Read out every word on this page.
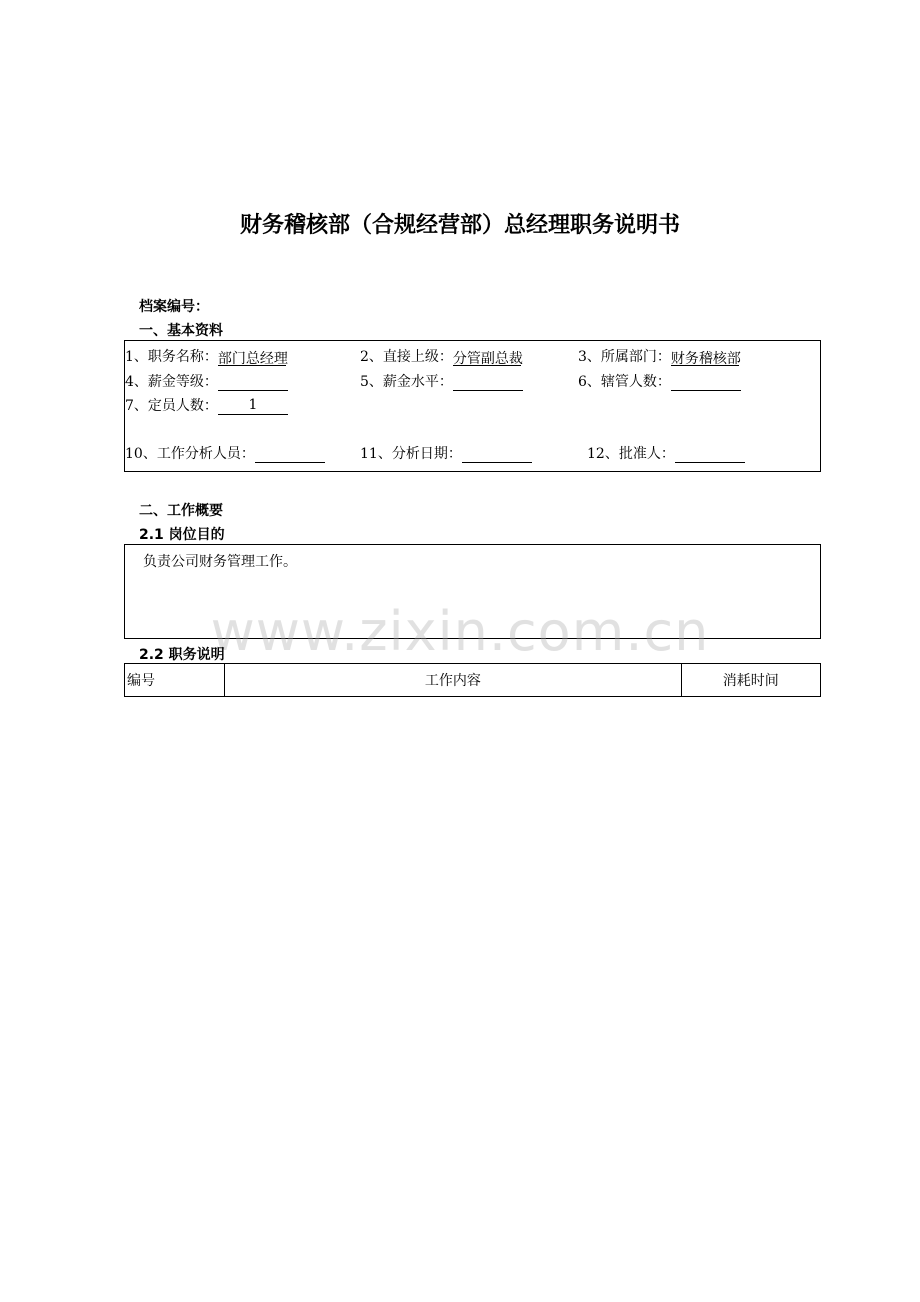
财务稽核部（合规经营部）总经理职务说明书
档案编号：
一、基本资料
1、职务名称：部门总经理	2、直接上级：分管副总裁	3、所属部门：财务稽核部
4、薪金等级：	5、薪金水平：	6、辖管人数：
7、定员人数： 1
10、工作分析人员：	11、分析日期：	12、批准人：
二、工作概要
2.1 岗位目的
负责公司财务管理工作。
www.zixin.com.cn
2.2 职务说明
编号	工作内容	消耗时间
